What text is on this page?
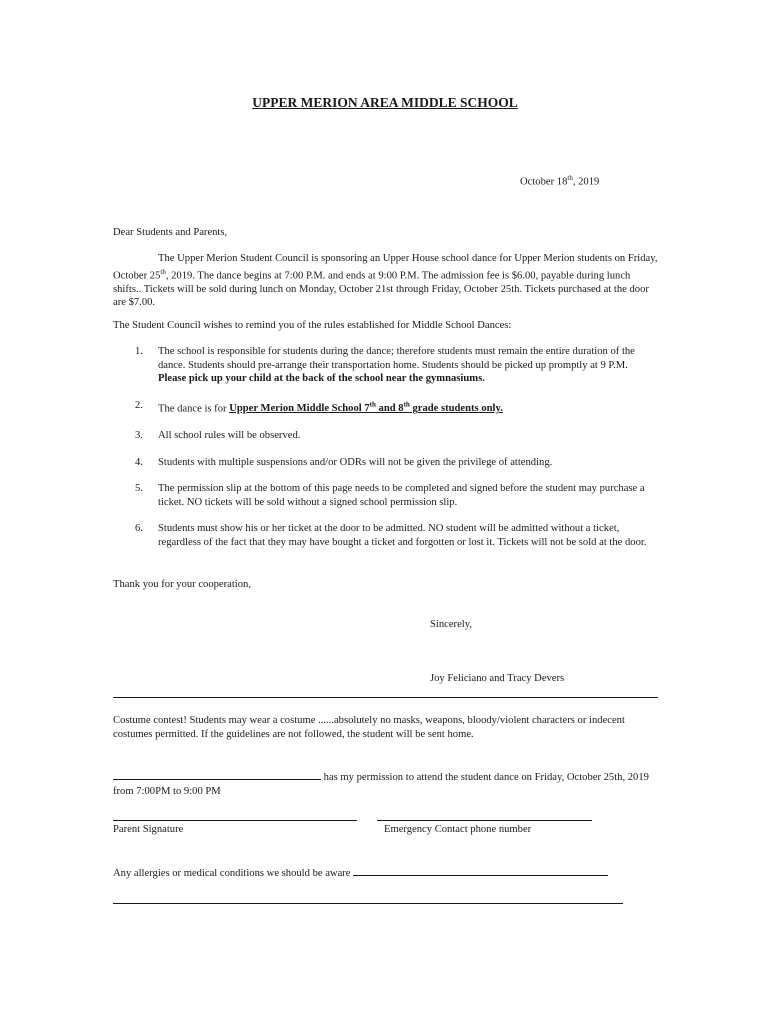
UPPER MERION AREA MIDDLE SCHOOL
October 18th, 2019

Dear Students and Parents,

The Upper Merion Student Council is sponsoring an Upper House school dance for Upper Merion students on Friday, October 25th, 2019. The dance begins at 7:00 P.M. and ends at 9:00 P.M. The admission fee is $6.00, payable during lunch shifts.. Tickets will be sold during lunch on Monday, October 21st through Friday, October 25th. Tickets purchased at the door are $7.00.

The Student Council wishes to remind you of the rules established for Middle School Dances:

1. The school is responsible for students during the dance; therefore students must remain the entire duration of the dance. Students should pre-arrange their transportation home. Students should be picked up promptly at 9 P.M. Please pick up your child at the back of the school near the gymnasiums.
2. The dance is for Upper Merion Middle School 7th and 8th grade students only.
3. All school rules will be observed.
4. Students with multiple suspensions and/or ODRs will not be given the privilege of attending.
5. The permission slip at the bottom of this page needs to be completed and signed before the student may purchase a ticket. NO tickets will be sold without a signed school permission slip.
6. Students must show his or her ticket at the door to be admitted. NO student will be admitted without a ticket, regardless of the fact that they may have bought a ticket and forgotten or lost it. Tickets will not be sold at the door.

Thank you for your cooperation,

Sincerely,

Joy Feliciano and Tracy Devers

Costume contest! Students may wear a costume ......absolutely no masks, weapons, bloody/violent characters or indecent costumes permitted. If the guidelines are not followed, the student will be sent home.

has my permission to attend the student dance on Friday, October 25th, 2019 from 7:00PM to 9:00 PM

Parent Signature	Emergency Contact phone number

Any allergies or medical conditions we should be aware
